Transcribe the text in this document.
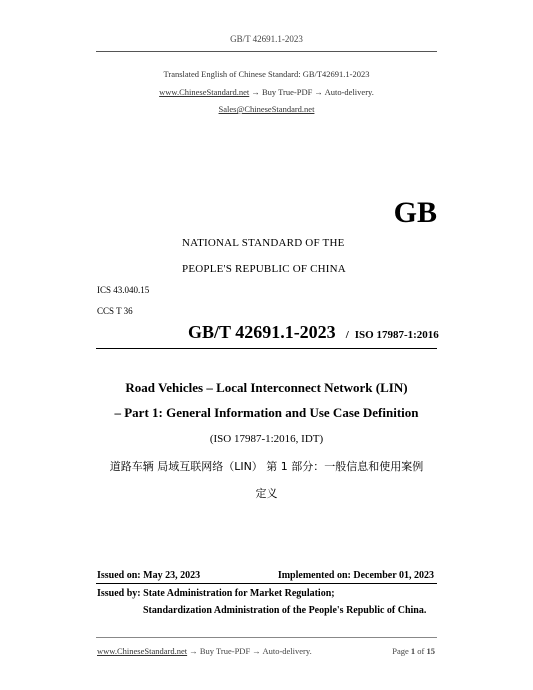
GB/T 42691.1-2023
Translated English of Chinese Standard: GB/T42691.1-2023
www.ChineseStandard.net → Buy True-PDF → Auto-delivery.
Sales@ChineseStandard.net
GB
NATIONAL STANDARD OF THE
PEOPLE'S REPUBLIC OF CHINA
ICS 43.040.15
CCS T 36
GB/T 42691.1-2023 / ISO 17987-1:2016
Road Vehicles – Local Interconnect Network (LIN)
– Part 1: General Information and Use Case Definition
(ISO 17987-1:2016, IDT)
道路车辆 局域互联网络（LIN） 第 1 部分：一般信息和使用案例
定义
Issued on: May 23, 2023	Implemented on: December 01, 2023
Issued by: State Administration for Market Regulation;
Standardization Administration of the People's Republic of China.
www.ChineseStandard.net → Buy True-PDF → Auto-delivery.	Page 1 of 15
